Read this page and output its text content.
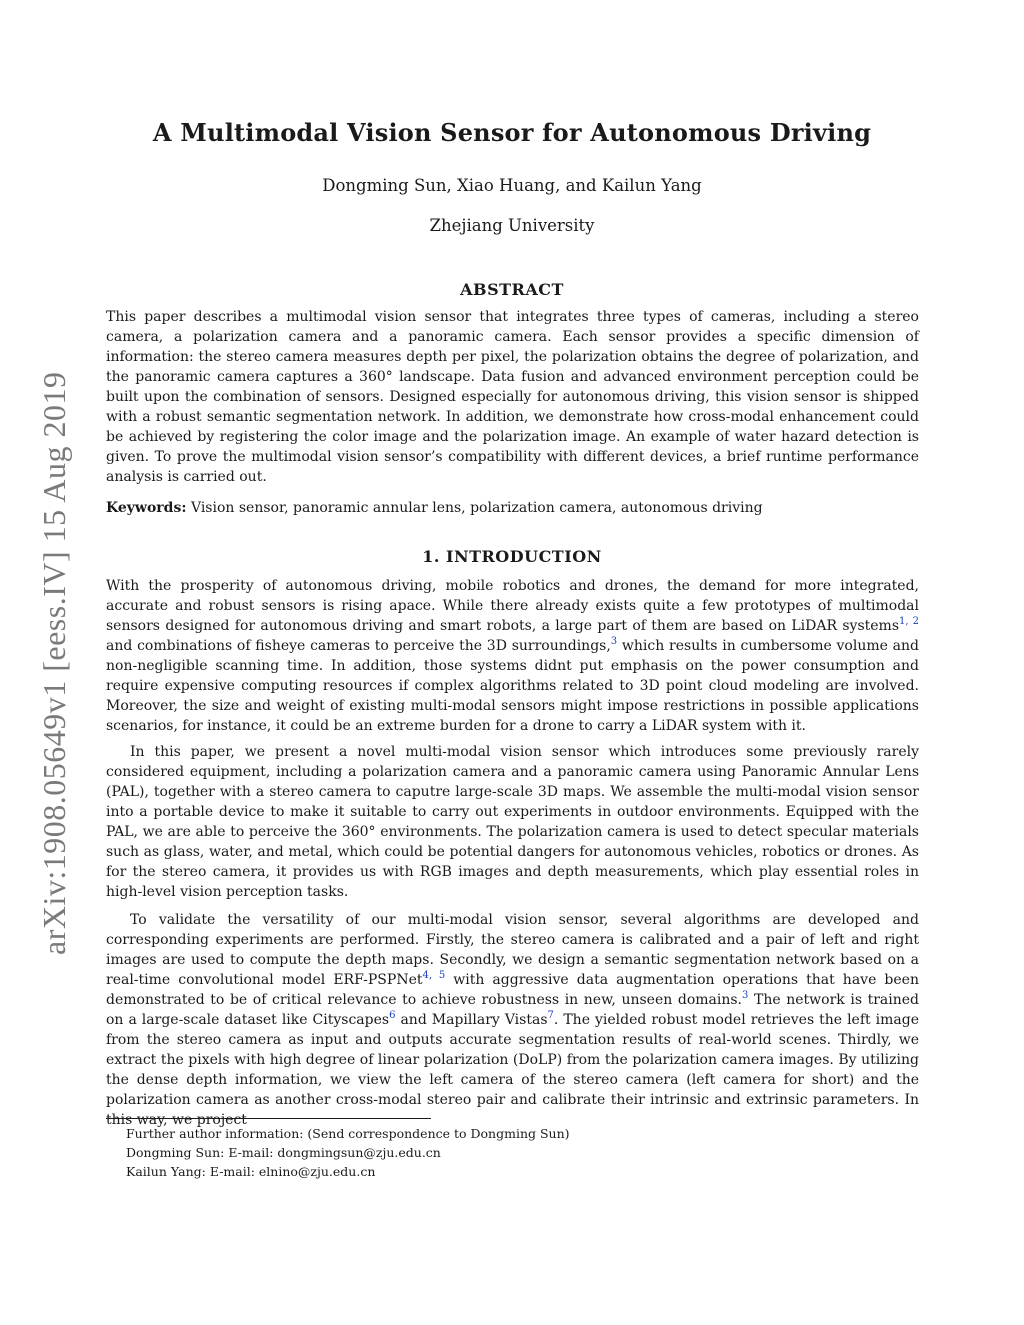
arXiv:1908.05649v1 [eess.IV] 15 Aug 2019
A Multimodal Vision Sensor for Autonomous Driving
Dongming Sun, Xiao Huang, and Kailun Yang
Zhejiang University
ABSTRACT

This paper describes a multimodal vision sensor that integrates three types of cameras, including a stereo camera, a polarization camera and a panoramic camera. Each sensor provides a specific dimension of information: the stereo camera measures depth per pixel, the polarization obtains the degree of polarization, and the panoramic camera captures a 360° landscape. Data fusion and advanced environment perception could be built upon the combination of sensors. Designed especially for autonomous driving, this vision sensor is shipped with a robust semantic segmentation network. In addition, we demonstrate how cross-modal enhancement could be achieved by registering the color image and the polarization image. An example of water hazard detection is given. To prove the multimodal vision sensor’s compatibility with different devices, a brief runtime performance analysis is carried out.

Keywords: Vision sensor, panoramic annular lens, polarization camera, autonomous driving

1. INTRODUCTION

With the prosperity of autonomous driving, mobile robotics and drones, the demand for more integrated, accurate and robust sensors is rising apace. While there already exists quite a few prototypes of multimodal sensors designed for autonomous driving and smart robots, a large part of them are based on LiDAR systems$^{1, 2}$ and combinations of fisheye cameras to perceive the 3D surroundings,$^3$ which results in cumbersome volume and non-negligible scanning time. In addition, those systems didnt put emphasis on the power consumption and require expensive computing resources if complex algorithms related to 3D point cloud modeling are involved. Moreover, the size and weight of existing multi-modal sensors might impose restrictions in possible applications scenarios, for instance, it could be an extreme burden for a drone to carry a LiDAR system with it.

In this paper, we present a novel multi-modal vision sensor which introduces some previously rarely considered equipment, including a polarization camera and a panoramic camera using Panoramic Annular Lens (PAL), together with a stereo camera to caputre large-scale 3D maps. We assemble the multi-modal vision sensor into a portable device to make it suitable to carry out experiments in outdoor environments. Equipped with the PAL, we are able to perceive the 360° environments. The polarization camera is used to detect specular materials such as glass, water, and metal, which could be potential dangers for autonomous vehicles, robotics or drones. As for the stereo camera, it provides us with RGB images and depth measurements, which play essential roles in high-level vision perception tasks.

To validate the versatility of our multi-modal vision sensor, several algorithms are developed and corresponding experiments are performed. Firstly, the stereo camera is calibrated and a pair of left and right images are used to compute the depth maps. Secondly, we design a semantic segmentation network based on a real-time convolutional model ERF-PSPNet$^{4, 5}$ with aggressive data augmentation operations that have been demonstrated to be of critical relevance to achieve robustness in new, unseen domains.$^3$ The network is trained on a large-scale dataset like Cityscapes$^6$ and Mapillary Vistas$^7$. The yielded robust model retrieves the left image from the stereo camera as input and outputs accurate segmentation results of real-world scenes. Thirdly, we extract the pixels with high degree of linear polarization (DoLP) from the polarization camera images. By utilizing the dense depth information, we view the left camera of the stereo camera (left camera for short) and the polarization camera as another cross-modal stereo pair and calibrate their intrinsic and extrinsic parameters. In this way, we project

Further author information: (Send correspondence to Dongming Sun)
Dongming Sun: E-mail: dongmingsun@zju.edu.cn
Kailun Yang: E-mail: elnino@zju.edu.cn
